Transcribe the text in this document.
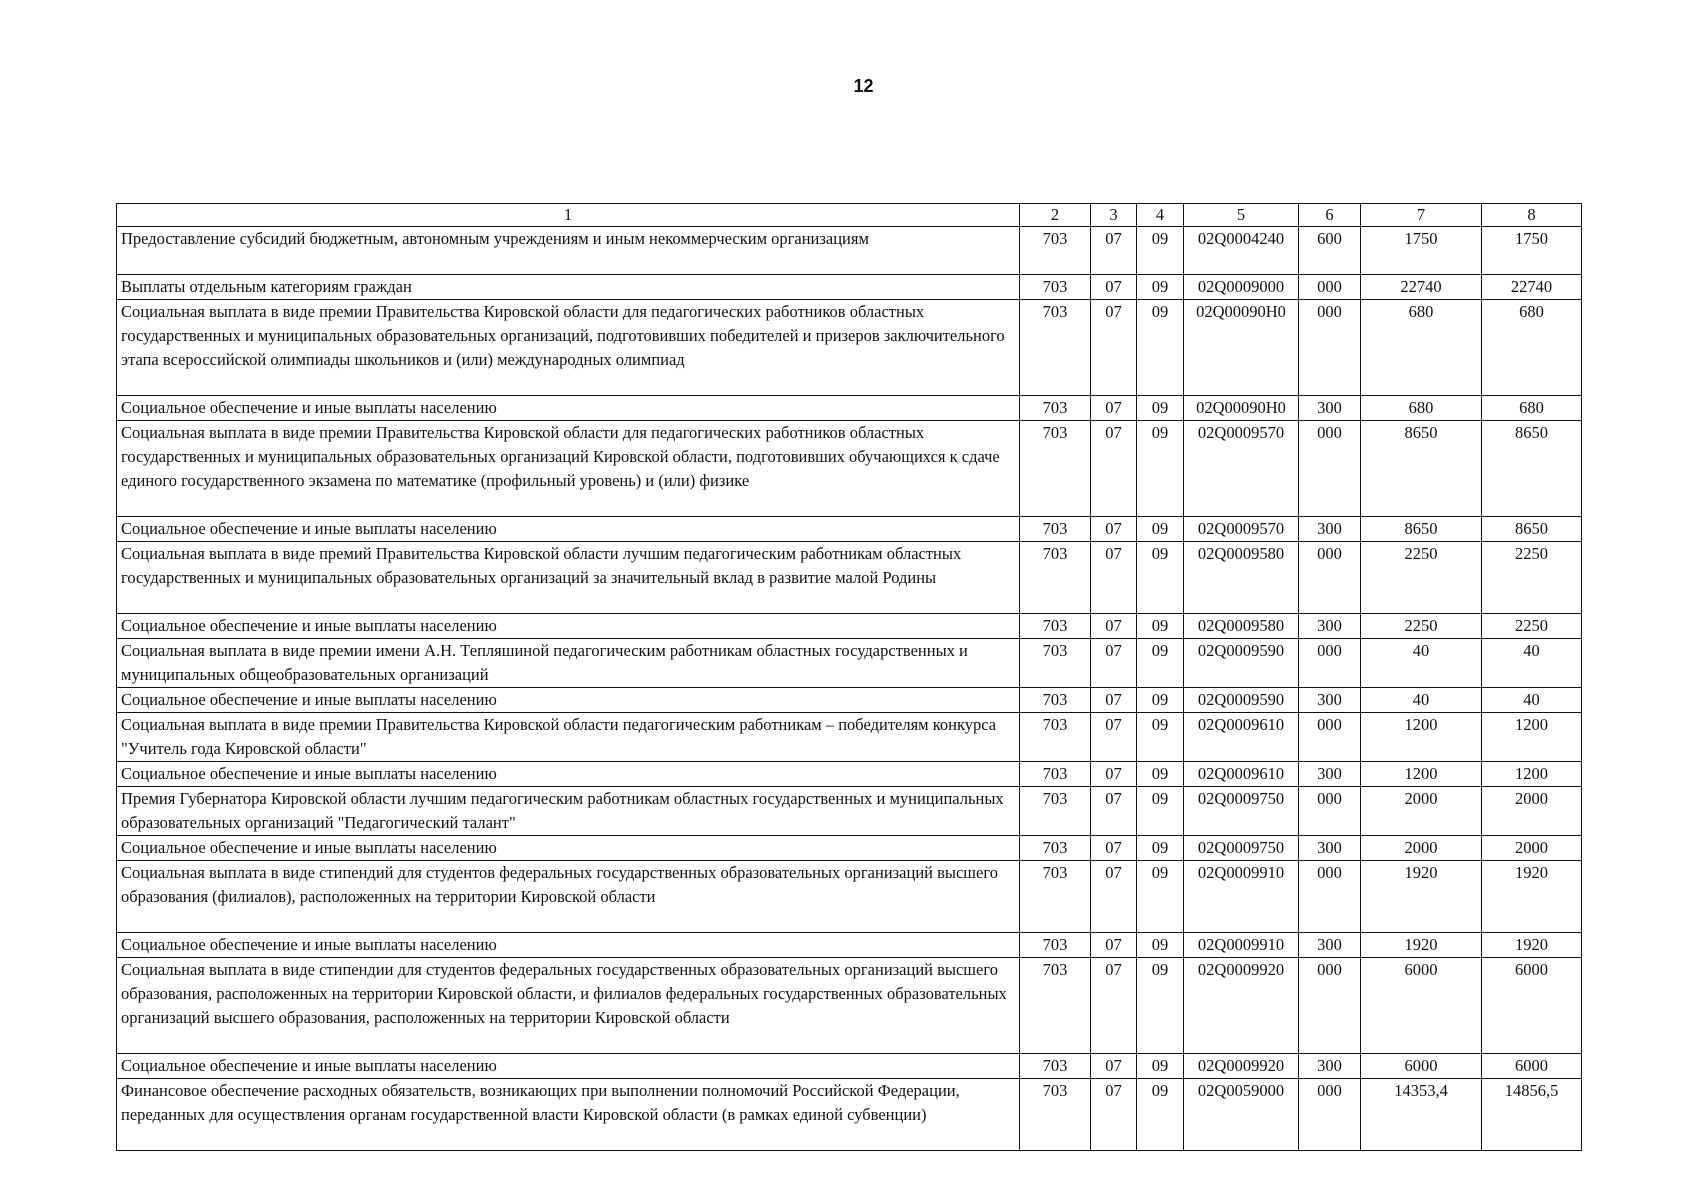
12
1	2	3	4	5	6	7	8
Предоставление субсидий бюджетным, автономным учреждениям и иным некоммерческим организациям	703	07	09	02Q0004240	600	1750	1750
Выплаты отдельным категориям граждан	703	07	09	02Q0009000	000	22740	22740
Социальная выплата в виде премии Правительства Кировской области для педагогических работников областных государственных и муниципальных образовательных организаций, подготовивших победителей и призеров заключительного этапа всероссийской олимпиады школьников и (или) международных олимпиад	703	07	09	02Q00090H0	000	680	680
Социальное обеспечение и иные выплаты населению	703	07	09	02Q00090H0	300	680	680
Социальная выплата в виде премии Правительства Кировской области для педагогических работников областных государственных и муниципальных образовательных организаций Кировской области, подготовивших обучающихся к сдаче единого государственного экзамена по математике (профильный уровень) и (или) физике	703	07	09	02Q0009570	000	8650	8650
Социальное обеспечение и иные выплаты населению	703	07	09	02Q0009570	300	8650	8650
Социальная выплата в виде премий Правительства Кировской области лучшим педагогическим работникам областных государственных и муниципальных образовательных организаций за значительный вклад в развитие малой Родины	703	07	09	02Q0009580	000	2250	2250
Социальное обеспечение и иные выплаты населению	703	07	09	02Q0009580	300	2250	2250
Социальная выплата в виде премии имени А.Н. Тепляшиной педагогическим работникам областных государственных и муниципальных общеобразовательных организаций	703	07	09	02Q0009590	000	40	40
Социальное обеспечение и иные выплаты населению	703	07	09	02Q0009590	300	40	40
Социальная выплата в виде премии Правительства Кировской области педагогическим работникам – победителям конкурса "Учитель года Кировской области"	703	07	09	02Q0009610	000	1200	1200
Социальное обеспечение и иные выплаты населению	703	07	09	02Q0009610	300	1200	1200
Премия Губернатора Кировской области лучшим педагогическим работникам областных государственных и муниципальных образовательных организаций "Педагогический талант"	703	07	09	02Q0009750	000	2000	2000
Социальное обеспечение и иные выплаты населению	703	07	09	02Q0009750	300	2000	2000
Социальная выплата в виде стипендий для студентов федеральных государственных образовательных организаций высшего образования (филиалов), расположенных на территории Кировской области	703	07	09	02Q0009910	000	1920	1920
Социальное обеспечение и иные выплаты населению	703	07	09	02Q0009910	300	1920	1920
Социальная выплата в виде стипендии для студентов федеральных государственных образовательных организаций высшего образования, расположенных на территории Кировской области, и филиалов федеральных государственных образовательных организаций высшего образования, расположенных на территории Кировской области	703	07	09	02Q0009920	000	6000	6000
Социальное обеспечение и иные выплаты населению	703	07	09	02Q0009920	300	6000	6000
Финансовое обеспечение расходных обязательств, возникающих при выполнении полномочий Российской Федерации, переданных для осуществления органам государственной власти Кировской области (в рамках единой субвенции)	703	07	09	02Q0059000	000	14353,4	14856,5
